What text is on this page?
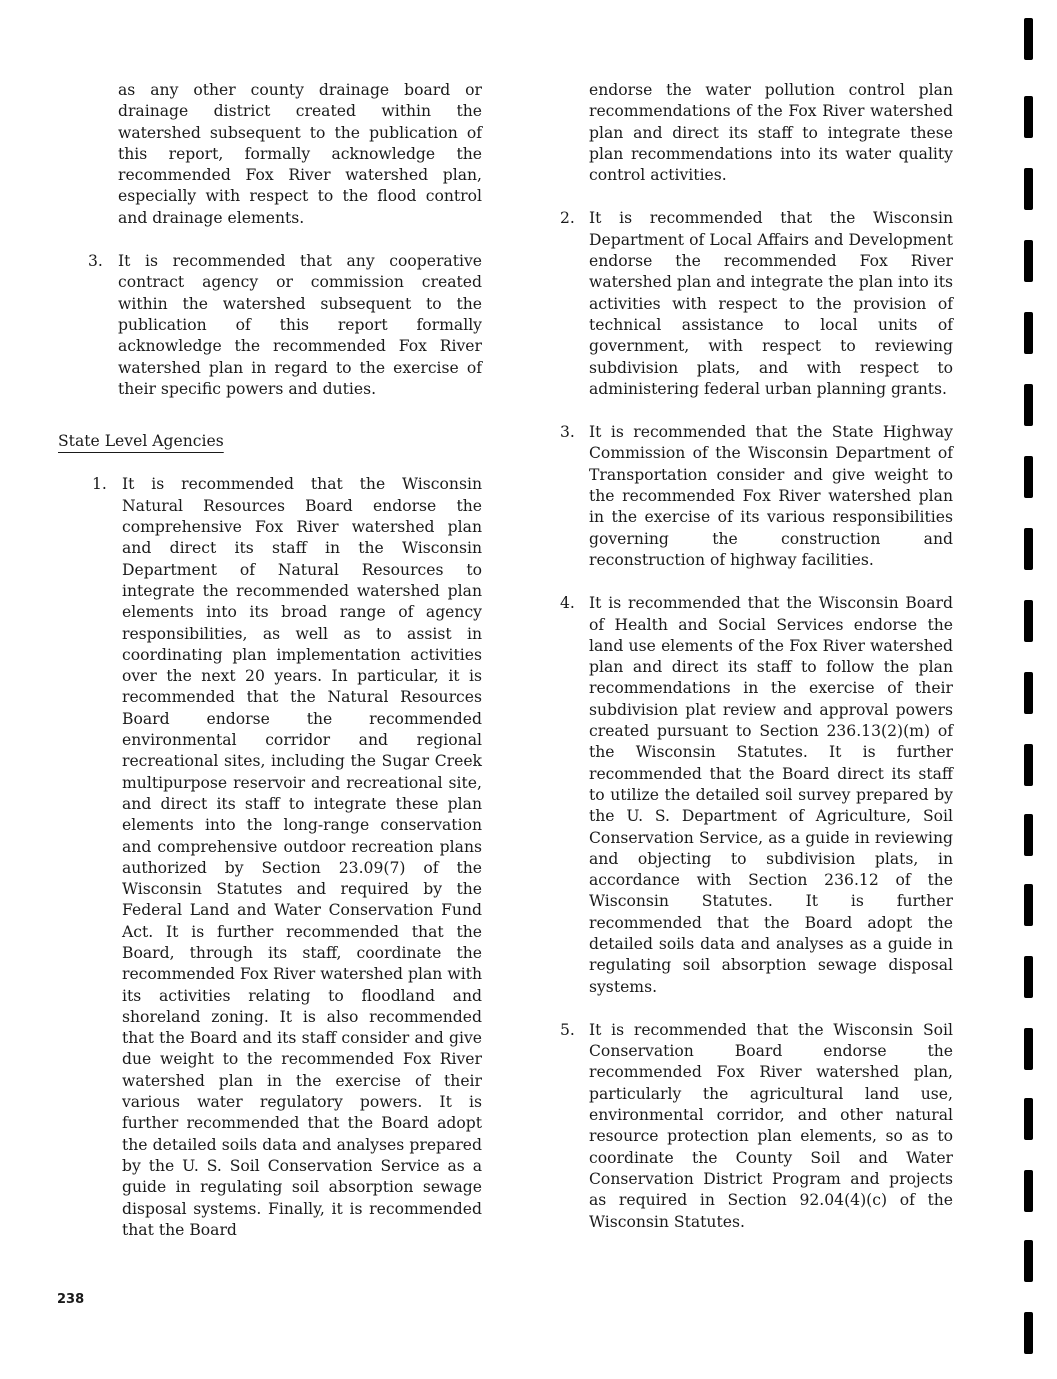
as any other county drainage board or drainage district created within the watershed subsequent to the publication of this report, formally acknowledge the recommended Fox River watershed plan, especially with respect to the flood control and drainage elements.
3. It is recommended that any cooperative contract agency or commission created within the watershed subsequent to the publication of this report formally acknowledge the recommended Fox River watershed plan in regard to the exercise of their specific powers and duties.
State Level Agencies
1. It is recommended that the Wisconsin Natural Resources Board endorse the comprehensive Fox River watershed plan and direct its staff in the Wisconsin Department of Natural Resources to integrate the recommended watershed plan elements into its broad range of agency responsibilities, as well as to assist in coordinating plan implementation activities over the next 20 years. In particular, it is recommended that the Natural Resources Board endorse the recommended environmental corridor and regional recreational sites, including the Sugar Creek multipurpose reservoir and recreational site, and direct its staff to integrate these plan elements into the long-range conservation and comprehensive outdoor recreation plans authorized by Section 23.09(7) of the Wisconsin Statutes and required by the Federal Land and Water Conservation Fund Act. It is further recommended that the Board, through its staff, coordinate the recommended Fox River watershed plan with its activities relating to floodland and shoreland zoning. It is also recommended that the Board and its staff consider and give due weight to the recommended Fox River watershed plan in the exercise of their various water regulatory powers. It is further recommended that the Board adopt the detailed soils data and analyses prepared by the U. S. Soil Conservation Service as a guide in regulating soil absorption sewage disposal systems. Finally, it is recommended that the Board
endorse the water pollution control plan recommendations of the Fox River watershed plan and direct its staff to integrate these plan recommendations into its water quality control activities.
2. It is recommended that the Wisconsin Department of Local Affairs and Development endorse the recommended Fox River watershed plan and integrate the plan into its activities with respect to the provision of technical assistance to local units of government, with respect to reviewing subdivision plats, and with respect to administering federal urban planning grants.
3. It is recommended that the State Highway Commission of the Wisconsin Department of Transportation consider and give weight to the recommended Fox River watershed plan in the exercise of its various responsibilities governing the construction and reconstruction of highway facilities.
4. It is recommended that the Wisconsin Board of Health and Social Services endorse the land use elements of the Fox River watershed plan and direct its staff to follow the plan recommendations in the exercise of their subdivision plat review and approval powers created pursuant to Section 236.13(2)(m) of the Wisconsin Statutes. It is further recommended that the Board direct its staff to utilize the detailed soil survey prepared by the U. S. Department of Agriculture, Soil Conservation Service, as a guide in reviewing and objecting to subdivision plats, in accordance with Section 236.12 of the Wisconsin Statutes. It is further recommended that the Board adopt the detailed soils data and analyses as a guide in regulating soil absorption sewage disposal systems.
5. It is recommended that the Wisconsin Soil Conservation Board endorse the recommended Fox River watershed plan, particularly the agricultural land use, environmental corridor, and other natural resource protection plan elements, so as to coordinate the County Soil and Water Conservation District Program and projects as required in Section 92.04(4)(c) of the Wisconsin Statutes.
238
